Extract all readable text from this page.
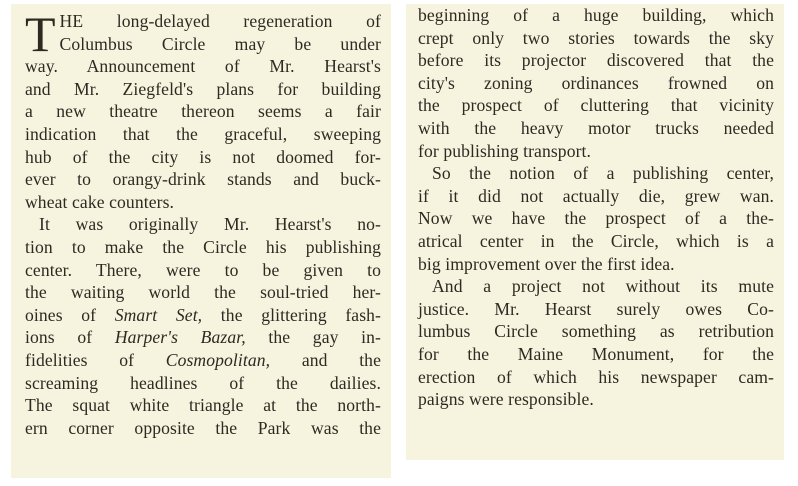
T HE long-delayed regeneration of
Columbus Circle may be under
way. Announcement of Mr. Hearst's
and Mr. Ziegfeld's plans for building
a new theatre thereon seems a fair
indication that the graceful, sweeping
hub of the city is not doomed for-
ever to orangy-drink stands and buck-
wheat cake counters.
It was originally Mr. Hearst's no-
tion to make the Circle his publishing
center. There, were to be given to
the waiting world the soul-tried her-
oines of Smart Set, the glittering fash-
ions of Harper's Bazar, the gay in-
fidelities of Cosmopolitan, and the
screaming headlines of the dailies.
The squat white triangle at the north-
ern corner opposite the Park was the
beginning of a huge building, which
crept only two stories towards the sky
before its projector discovered that the
city's zoning ordinances frowned on
the prospect of cluttering that vicinity
with the heavy motor trucks needed
for publishing transport.
So the notion of a publishing center,
if it did not actually die, grew wan.
Now we have the prospect of a the-
atrical center in the Circle, which is a
big improvement over the first idea.
And a project not without its mute
justice. Mr. Hearst surely owes Co-
lumbus Circle something as retribution
for the Maine Monument, for the
erection of which his newspaper cam-
paigns were responsible.
